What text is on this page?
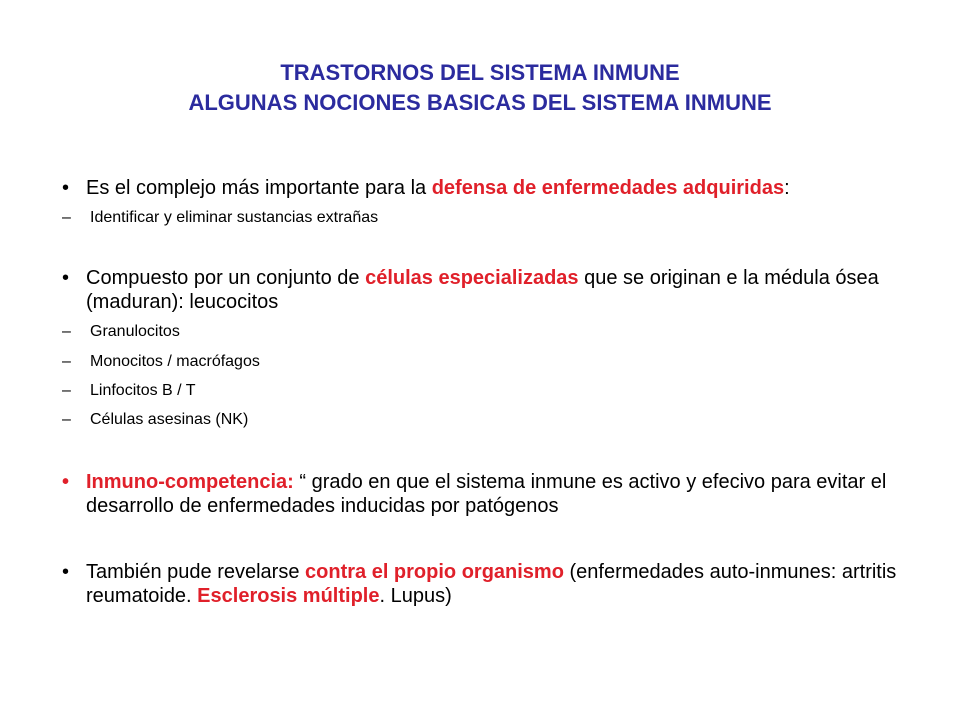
TRASTORNOS DEL SISTEMA INMUNE
ALGUNAS NOCIONES BASICAS DEL SISTEMA INMUNE
• Es el complejo más importante para la defensa de enfermedades adquiridas:
– Identificar y eliminar sustancias extrañas
• Compuesto por un conjunto de células especializadas que se originan e la médula ósea (maduran): leucocitos
– Granulocitos
– Monocitos / macrófagos
– Linfocitos B / T
– Células asesinas (NK)
• Inmuno-competencia: “ grado en que el sistema inmune es activo y efecivo para evitar el desarrollo de enfermedades inducidas por patógenos
• También pude revelarse contra el propio organismo (enfermedades auto-inmunes: artritis reumatoide. Esclerosis múltiple. Lupus)
